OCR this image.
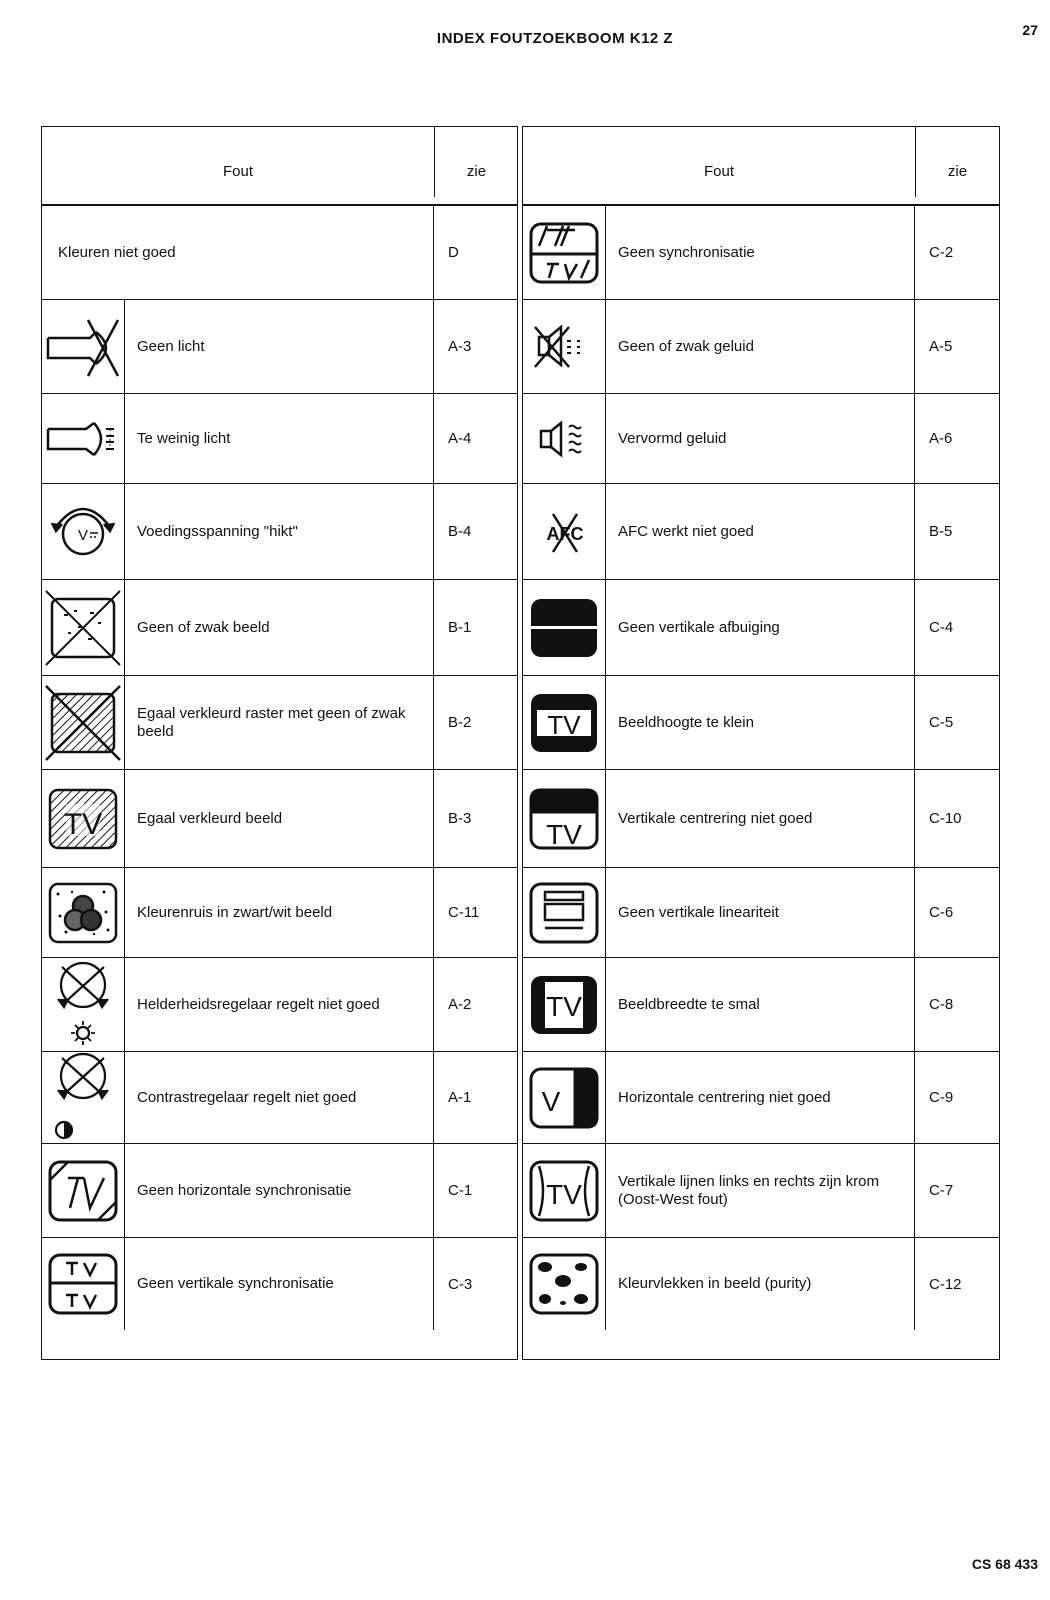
INDEX FOUTZOEKBOOM K12 Z	27
Fout	zie
Kleuren niet goed	D
Geen licht	A-3
Te weinig licht	A-4
V	Voedingsspanning "hikt"	B-4
Geen of zwak beeld	B-1
Egaal verkleurd raster met geen of zwak beeld	B-2
TV	Egaal verkleurd beeld	B-3
Kleurenruis in zwart/wit beeld	C-11
Helderheidsregelaar regelt niet goed	A-2
Contrastregelaar regelt niet goed	A-1
Geen horizontale synchronisatie	C-1
Geen vertikale synchronisatie	C-3
Fout	zie
Geen synchronisatie	C-2
Geen of zwak geluid	A-5
Vervormd geluid	A-6
AFC	AFC werkt niet goed	B-5
Geen vertikale afbuiging	C-4
TV	Beeldhoogte te klein	C-5
TV
Vertikale centrering niet goed	C-10
Geen vertikale lineariteit	C-6
TV	Beeldbreedte te smal	C-8
V	Horizontale centrering niet goed	C-9
TV	Vertikale lijnen links en rechts zijn krom (Oost-West fout)	C-7
Kleurvlekken in beeld (purity)	C-12
CS 68 433
